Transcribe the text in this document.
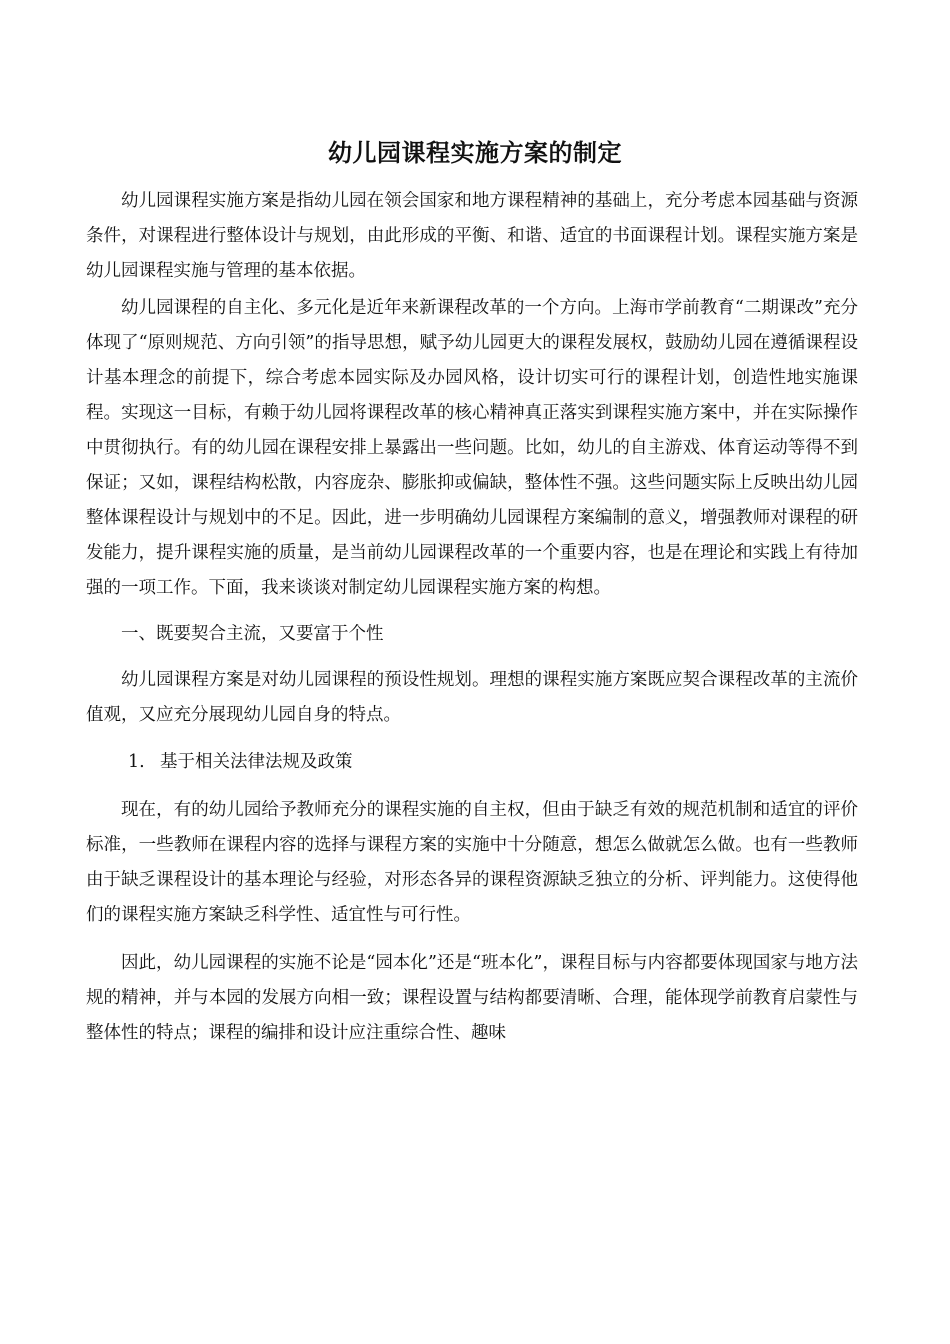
幼儿园课程实施方案的制定

幼儿园课程实施方案是指幼儿园在领会国家和地方课程精神的基础上，充分考虑本园基础与资源条件，对课程进行整体设计与规划，由此形成的平衡、和谐、适宜的书面课程计划。课程实施方案是幼儿园课程实施与管理的基本依据。

幼儿园课程的自主化、多元化是近年来新课程改革的一个方向。上海市学前教育“二期课改”充分体现了“原则规范、方向引领”的指导思想，赋予幼儿园更大的课程发展权，鼓励幼儿园在遵循课程设计基本理念的前提下，综合考虑本园实际及办园风格，设计切实可行的课程计划，创造性地实施课程。实现这一目标，有赖于幼儿园将课程改革的核心精神真正落实到课程实施方案中，并在实际操作中贯彻执行。有的幼儿园在课程安排上暴露出一些问题。比如，幼儿的自主游戏、体育运动等得不到保证；又如，课程结构松散，内容庞杂、膨胀抑或偏缺，整体性不强。这些问题实际上反映出幼儿园整体课程设计与规划中的不足。因此，进一步明确幼儿园课程方案编制的意义，增强教师对课程的研发能力，提升课程实施的质量，是当前幼儿园课程改革的一个重要内容，也是在理论和实践上有待加强的一项工作。下面，我来谈谈对制定幼儿园课程实施方案的构想。

一、既要契合主流，又要富于个性

幼儿园课程方案是对幼儿园课程的预设性规划。理想的课程实施方案既应契合课程改革的主流价值观，又应充分展现幼儿园自身的特点。

1. 基于相关法律法规及政策

现在，有的幼儿园给予教师充分的课程实施的自主权，但由于缺乏有效的规范机制和适宜的评价标准，一些教师在课程内容的选择与课程方案的实施中十分随意，想怎么做就怎么做。也有一些教师由于缺乏课程设计的基本理论与经验，对形态各异的课程资源缺乏独立的分析、评判能力。这使得他们的课程实施方案缺乏科学性、适宜性与可行性。

因此，幼儿园课程的实施不论是“园本化”还是“班本化”，课程目标与内容都要体现国家与地方法规的精神，并与本园的发展方向相一致；课程设置与结构都要清晰、合理，能体现学前教育启蒙性与整体性的特点；课程的编排和设计应注重综合性、趣味
